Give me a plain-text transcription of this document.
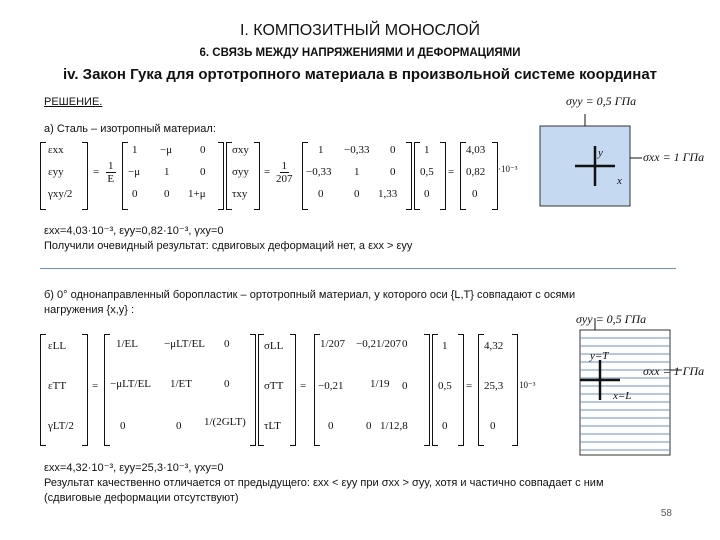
I. КОМПОЗИТНЫЙ МОНОСЛОЙ
6. СВЯЗЬ МЕЖДУ НАПРЯЖЕНИЯМИ И ДЕФОРМАЦИЯМИ
iv. Закон Гука для ортотропного материала в произвольной системе координат
РЕШЕНИЕ.
а) Сталь – изотропный материал:
εxx
εyy
γxy/2
= $\frac{1}{E}$
1 −μ	0
−μ 1	0
0 0 1+μ
σxy
σyy
τxy
= $\frac{1}{207}$
1 −0,33 0
−0,33 1	0
0	0 1,33
1
0,5
0
=
4,03
0,82
0
·10⁻³
σyy = 0,5 ГПа
σxx = 1 ГПа
y
x
εxx=4,03·10⁻³, εyy=0,82·10⁻³, γxy=0
Получили очевидный результат: сдвиговых деформаций нет, а εxx > εyy
б) 0° однонаправленный боропластик – ортотропный материал, у которого оси {L,T} совпадают с осями
нагружения {x,y} :
εLL
εTT
γLT/2
=
1/EL −μLT/EL 0
−μLT/EL 1/ET	0
0	0 1/(2GLT)
σLL
σTT
τLT
=
1/207 −0,21/207 0
−0,21 1/19 0
0	0 1/12,8
1
0,5
0
=
4,32
25,3
0
·10⁻³
σyy = 0,5 ГПа
σxx = 1 ГПа
y=T
x=L
εxx=4,32·10⁻³, εyy=25,3·10⁻³, γxy=0
Результат качественно отличается от предыдущего: εxx < εyy при σxx > σyy, хотя и частично совпадает с ним
(сдвиговые деформации отсутствуют)
58
